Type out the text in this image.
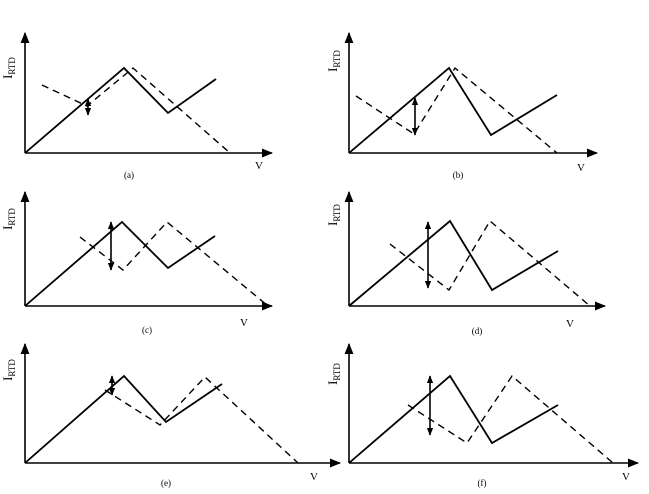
$I_{RTD}$
V
(a)
$I_{RTD}$
V
(b)
$I_{RTD}$
V
(c)
$I_{RTD}$
V
(d)
$I_{RTD}$
V
(e)
$I_{RTD}$
V
(f)
